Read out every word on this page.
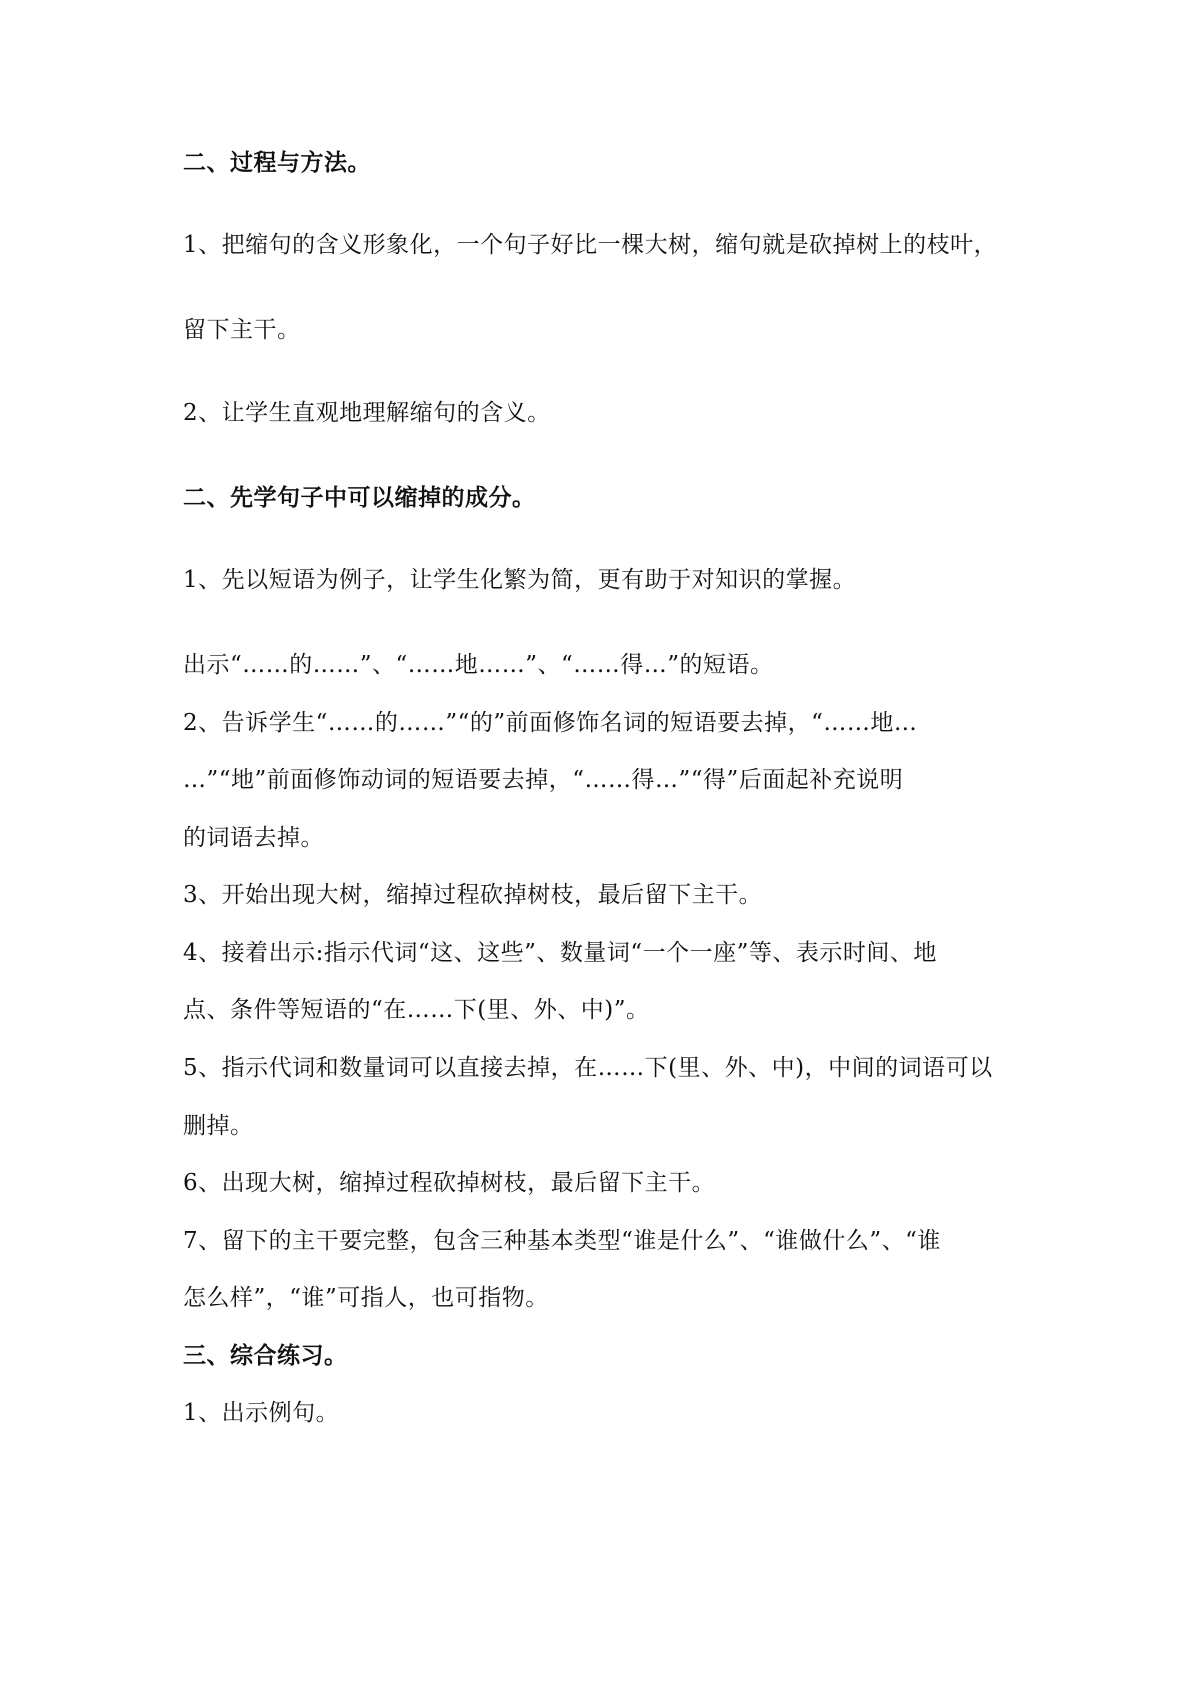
二、过程与方法。
1、把缩句的含义形象化，一个句子好比一棵大树，缩句就是砍掉树上的枝叶，
留下主干。
2、让学生直观地理解缩句的含义。
二、先学句子中可以缩掉的成分。
1、先以短语为例子，让学生化繁为简，更有助于对知识的掌握。
出示“……的……”、“……地……”、“……得…”的短语。
2、告诉学生“……的……”“的”前面修饰名词的短语要去掉，“……地…
…”“地”前面修饰动词的短语要去掉，“……得…”“得”后面起补充说明
的词语去掉。
3、开始出现大树，缩掉过程砍掉树枝，最后留下主干。
4、接着出示:指示代词“这、这些”、数量词“一个一座”等、表示时间、地
点、条件等短语的“在……下(里、外、中)”。
5、指示代词和数量词可以直接去掉，在……下(里、外、中)，中间的词语可以
删掉。
6、出现大树，缩掉过程砍掉树枝，最后留下主干。
7、留下的主干要完整，包含三种基本类型“谁是什么”、“谁做什么”、“谁
怎么样”，“谁”可指人，也可指物。
三、综合练习。
1、出示例句。
